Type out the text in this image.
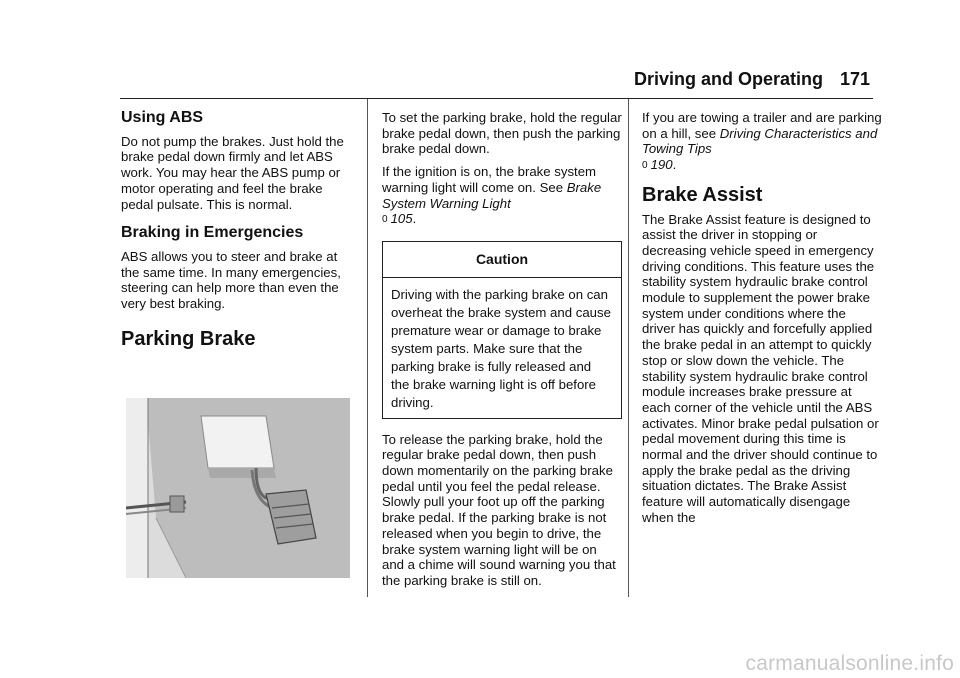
Driving and Operating 171
Using ABS

Do not pump the brakes. Just hold the brake pedal down firmly and let ABS work. You may hear the ABS pump or motor operating and feel the brake pedal pulsate. This is normal.

Braking in Emergencies

ABS allows you to steer and brake at the same time. In many emergencies, steering can help more than even the very best braking.

Parking Brake

To set the parking brake, hold the regular brake pedal down, then push the parking brake pedal down.

If the ignition is on, the brake system warning light will come on. See Brake System Warning Light
0 105.

Caution
Driving with the parking brake on can overheat the brake system and cause premature wear or damage to brake system parts. Make sure that the parking brake is fully released and the brake warning light is off before driving.

To release the parking brake, hold the regular brake pedal down, then push down momentarily on the parking brake pedal until you feel the pedal release. Slowly pull your foot up off the parking brake pedal. If the parking brake is not released when you begin to drive, the brake system warning light will be on and a chime will sound warning you that the parking brake is still on.

If you are towing a trailer and are parking on a hill, see Driving Characteristics and Towing Tips
0 190.

Brake Assist

The Brake Assist feature is designed to assist the driver in stopping or decreasing vehicle speed in emergency driving conditions. This feature uses the stability system hydraulic brake control module to supplement the power brake system under conditions where the driver has quickly and forcefully applied the brake pedal in an attempt to quickly stop or slow down the vehicle. The stability system hydraulic brake control module increases brake pressure at each corner of the vehicle until the ABS activates. Minor brake pedal pulsation or pedal movement during this time is normal and the driver should continue to apply the brake pedal as the driving situation dictates. The Brake Assist feature will automatically disengage when the

carmanualsonline.info
